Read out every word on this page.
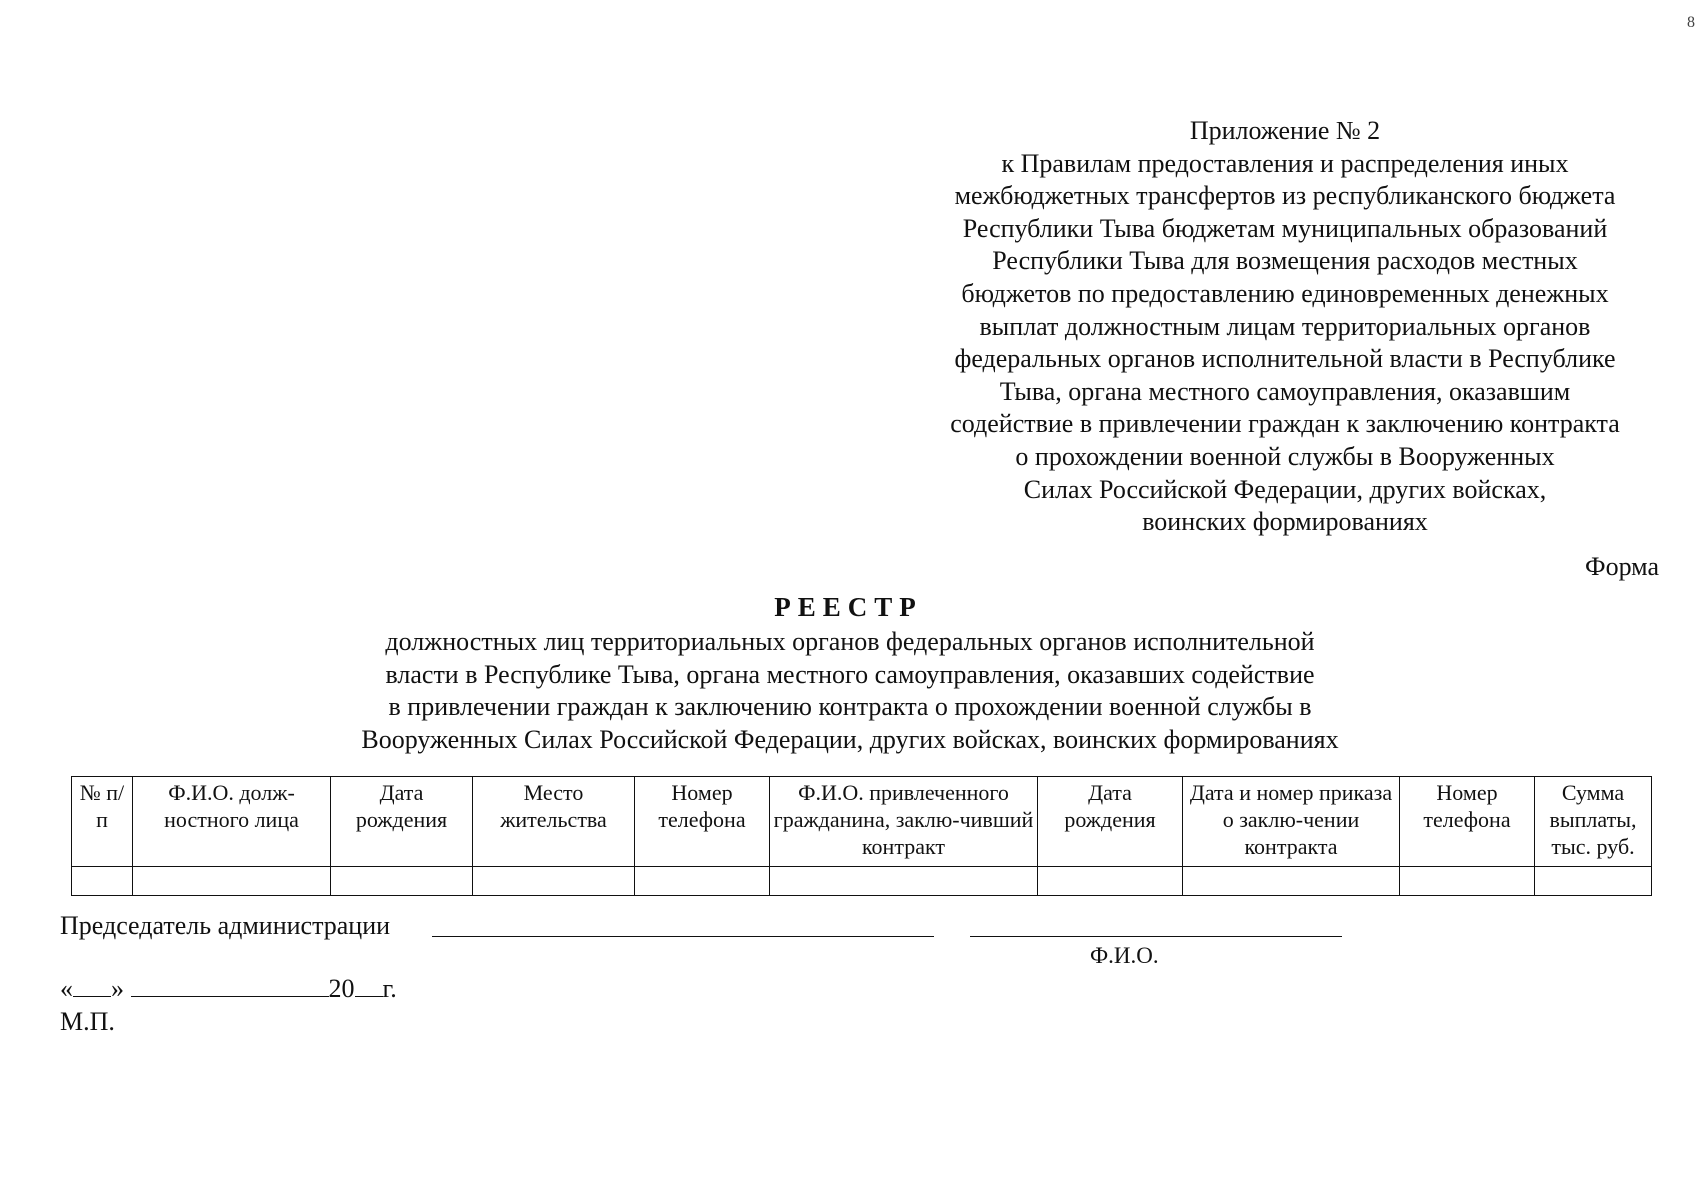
8
Приложение № 2
к Правилам предоставления и распределения иных
межбюджетных трансфертов из республиканского бюджета
Республики Тыва бюджетам муниципальных образований
Республики Тыва для возмещения расходов местных
бюджетов по предоставлению единовременных денежных
выплат должностным лицам территориальных органов
федеральных органов исполнительной власти в Республике
Тыва, органа местного самоуправления, оказавшим
содействие в привлечении граждан к заключению контракта
о прохождении военной службы в Вооруженных
Силах Российской Федерации, других войсках,
воинских формированиях
Форма
РЕЕСТР
должностных лиц территориальных органов федеральных органов исполнительной
власти в Республике Тыва, органа местного самоуправления, оказавших содействие
в привлечении граждан к заключению контракта о прохождении военной службы в
Вооруженных Силах Российской Федерации, других войсках, воинских формированиях
№ п/п	Ф.И.О. долж-ностного лица	Дата рождения	Место жительства	Номер телефона	Ф.И.О. привлеченного гражданина, заклю-чивший контракт	Дата рождения	Дата и номер приказа о заклю-чении контракта	Номер телефона	Сумма выплаты, тыс. руб.

Председатель администрации
Ф.И.О.
« »	20 г.
М.П.
